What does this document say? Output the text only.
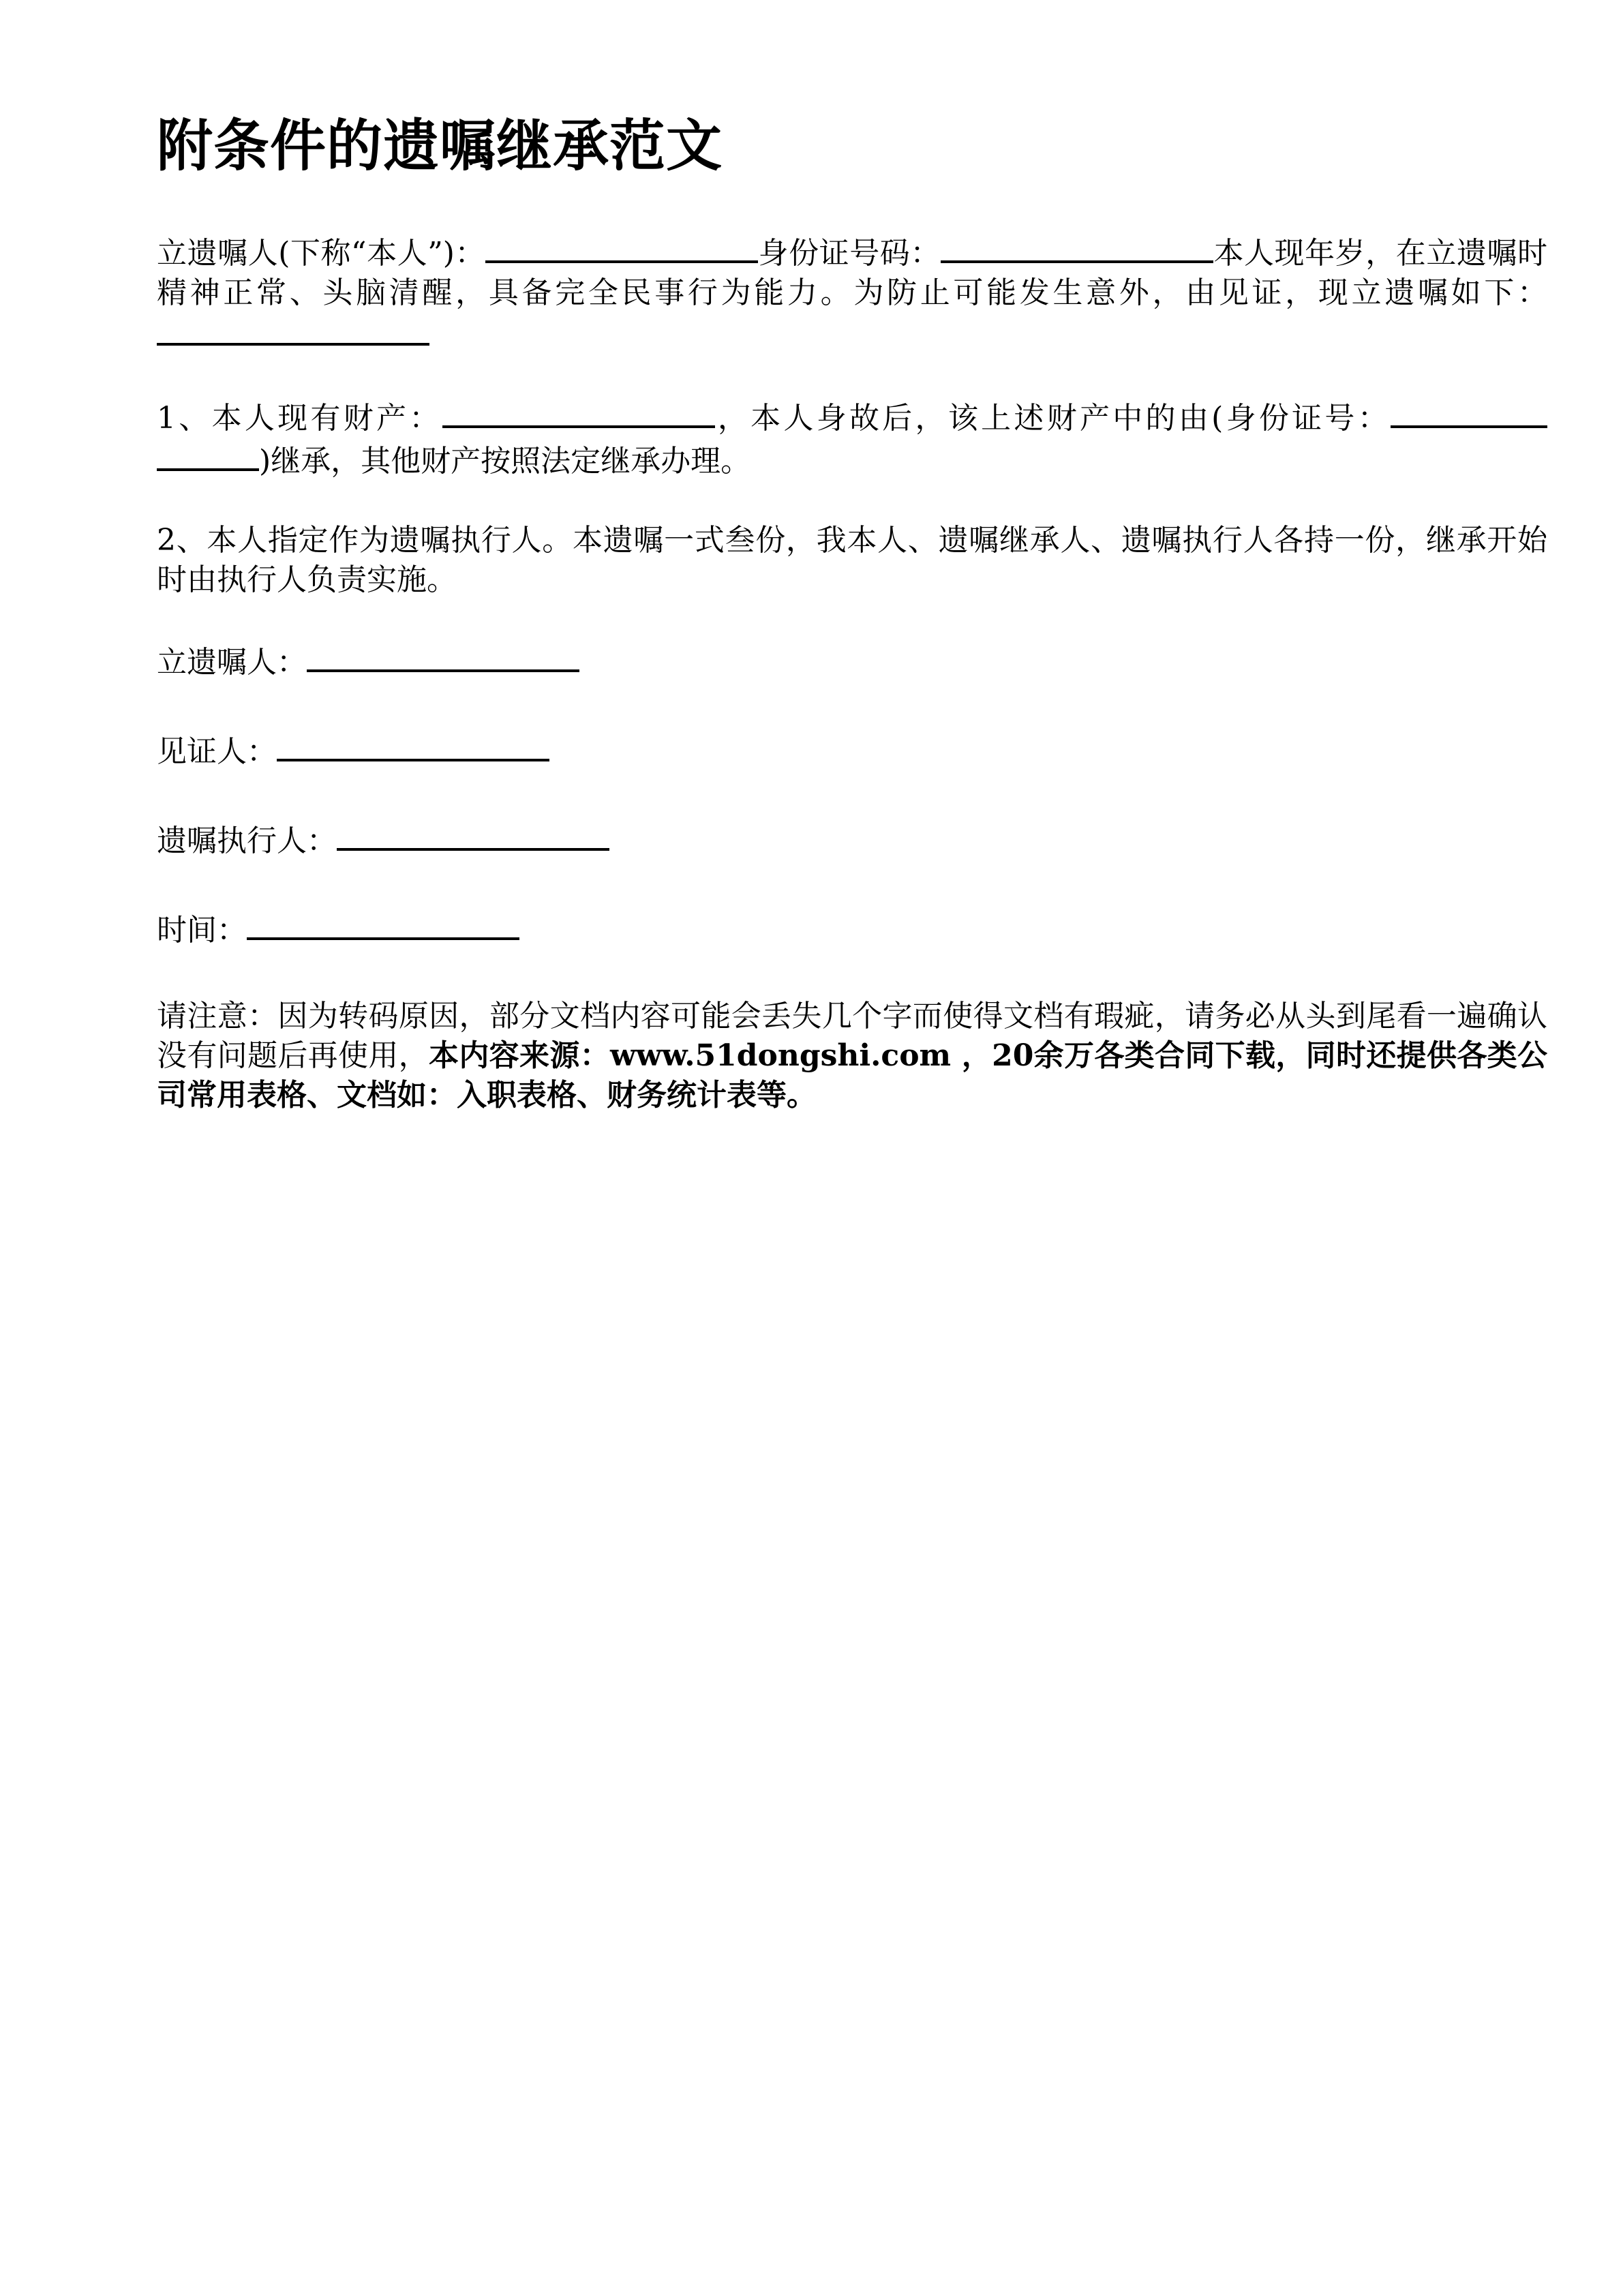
附条件的遗嘱继承范文

立遗嘱人(下称“本人”)：	身份证号码：	本人现年岁，在立遗嘱时精神正常、头脑清醒，具备完全民事行为能力。为防止可能发生意外，由见证，现立遗嘱如下：

1、本人现有财产：	，本人身故后，该上述财产中的由(身份证号：)继承，其他财产按照法定继承办理。

2、本人指定作为遗嘱执行人。本遗嘱一式叁份，我本人、遗嘱继承人、遗嘱执行人各持一份，继承开始时由执行人负责实施。

立遗嘱人：

见证人：

遗嘱执行人：

时间：

请注意：因为转码原因，部分文档内容可能会丢失几个字而使得文档有瑕疵，请务必从头到尾看一遍确认没有问题后再使用，本内容来源：www.51dongshi.com ，20余万各类合同下载，同时还提供各类公司常用表格、文档如：入职表格、财务统计表等。
